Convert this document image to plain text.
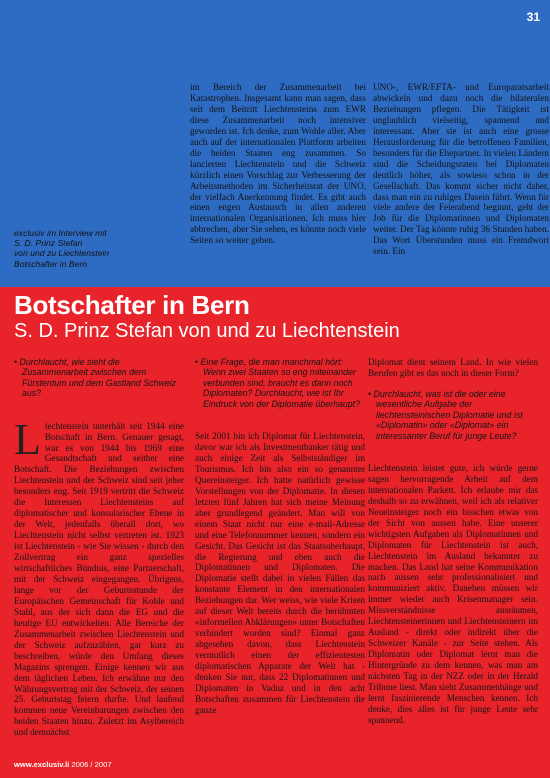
31
exclusiv im Interview mit
S. D. Prinz Stefan
von und zu Liechtenstein
Botschafter in Bern
im Bereich der Zusammenarbeit bei Katastrophen. Insgesamt kann man sagen, dass seit dem Beitritt Liechtensteins zum EWR diese Zusammenarbeit noch intensiver geworden ist. Ich denke, zum Wohle aller. Aber auch auf der internationalen Plattform arbeiten die beiden Staaten eng zusammen. So lancierten Liechtenstein und die Schweiz kürzlich einen Vorschlag zur Verbesserung der Arbeitsmethoden im Sicherheitsrat der UNO, der vielfach Anerkennung findet. Es gibt auch einen engen Austausch in allen anderen internationalen Organisationen. Ich muss hier abbrechen, aber Sie sehen, es könnte noch viele Seiten so weiter gehen.
UNO-, EWR/EFTA- und Europaratsarbeit abwickeln und dazu noch die bilateralen Beziehungen pflegen. Die Tätigkeit ist unglaublich vielseitig, spannend und interessant. Aber sie ist auch eine grosse Herausforderung für die betroffenen Familien, besonders für die Ehepartner. In vielen Ländern sind die Scheidungsraten bei Diplomaten deutlich höher, als sowieso schon in der Gesellschaft. Das kommt sicher nicht daher, dass man ein zu ruhiges Dasein führt. Wenn für viele andere der Feierabend beginnt, geht der Job für die Diplomatinnen und Diplomaten weiter. Der Tag könnte ruhig 36 Stunden haben. Das Wort Überstunden muss ein Fremdwort sein. Ein
Botschafter in Bern
S. D. Prinz Stefan von und zu Liechtenstein
• Durchlaucht, wie sieht die Zusammenarbeit zwischen dem Fürstentum und dem Gastland Schweiz aus?
Liechtenstein unterhält seit 1944 eine Botschaft in Bern. Genauer gesagt, war es von 1944 bis 1969 eine Gesandtschaft und seither eine Botschaft. Die Beziehungen zwischen Liechtenstein und der Schweiz sind seit jeher besonders eng. Seit 1919 vertritt die Schweiz die Interessen Liechtensteins auf diplomatischer und konsularischer Ebene in der Welt, jedenfalls überall dort, wo Liechtenstein nicht selbst vertreten ist. 1923 ist Liechtenstein - wie Sie wissen - durch den Zollvertrag ein ganz spezielles wirtschaftliches Bündnis, eine Partnerschaft, mit der Schweiz eingegangen. Übrigens, lange vor der Geburtsstunde der Europäischen Gemeinschaft für Kohle und Stahl, aus der sich dann die EG und die heutige EU entwickelten. Alle Bereiche der Zusammenarbeit zwischen Liechtenstein und der Schweiz aufzuzählen, gar kurz zu beschreiben, würde den Umfang dieses Magazins sprengen. Einige kennen wir aus dem täglichen Leben. Ich erwähne nur den Währungsvertrag mit der Schweiz, der seinen 25. Geburtstag feiern durfte. Und laufend kommen neue Vereinbarungen zwischen den beiden Staaten hinzu. Zuletzt im Asylbereich und demnächst
• Eine Frage, die man manchmal hört: Wenn zwei Staaten so eng miteinander verbunden sind, braucht es dann noch Diplomaten? Durchlaucht, wie ist Ihr Eindruck von der Diplomatie überhaupt?
Seit 2001 bin ich Diplomat für Liechtenstein, davor war ich als Investmentbanker tätig und auch einige Zeit als Selbstständiger im Tourismus. Ich bin also ein so genannter Quereinsteiger. Ich hatte natürlich gewisse Vorstellungen von der Diplomatie. In diesen letzten fünf Jahren hat sich meine Meinung aber grundlegend geändert. Man will von einem Staat nicht nur eine e-mail-Adresse und eine Telefonnummer kennen, sondern ein Gesicht. Das Gesicht ist das Staatsoberhaupt, die Regierung und eben auch die Diplomatinnen und Diplomaten. Die Diplomatie stellt dabei in vielen Fällen das konstante Element in den internationalen Beziehungen dar. Wer weiss, wie viele Krisen auf dieser Welt bereits durch die berühmten «informellen Abklärungen» unter Botschaften verhindert worden sind? Einmal ganz abgesehen davon, dass Liechtenstein vermutlich einen der effizientesten diplomatischen Apparate der Welt hat - denken Sie nur, dass 22 Diplomatinnen und Diplomaten in Vaduz und in den acht Botschaften zusammen für Liechtenstein die ganze
Diplomat dient seinem Land. In wie vielen Berufen gibt es das noch in dieser Form?
• Durchlaucht, was ist die oder eine wesentliche Aufgabe der liechtensteinischen Diplomatie und ist «Diplomatin» oder «Diplomat» ein interessanter Beruf für junge Leute?
Liechtenstein leistet gute, ich würde gerne sagen hervorragende Arbeit auf dem internationalen Parkett. Ich erlaube mir das deshalb so zu erwähnen, weil ich als relativer Neueinsteiger noch ein bisschen etwas von der Sicht von aussen habe. Eine unserer wichtigsten Aufgaben als Diplomatinnen und Diplomaten für Liechtenstein ist auch, Liechtenstein im Ausland bekannter zu machen. Das Land hat seine Kommunikation nach aussen sehr professionalisiert und kommuniziert aktiv. Daneben müssen wir immer wieder auch Krisenmanager sein. Missverständnisse ausräumen, Liechtensteinerinnen und Liechtensteinern im Ausland - direkt oder indirekt über die Schweizer Kanäle - zur Seite stehen. Als Diplomatin oder Diplomat lernt man die Hintergründe zu dem kennen, was man am nächsten Tag in der NZZ oder in der Herald Tribune liest. Man sieht Zusammenhänge und lernt faszinierende Menschen kennen. Ich denke, dies alles ist für junge Leute sehr spannend.
www.exclusiv.li 2006 / 2007
